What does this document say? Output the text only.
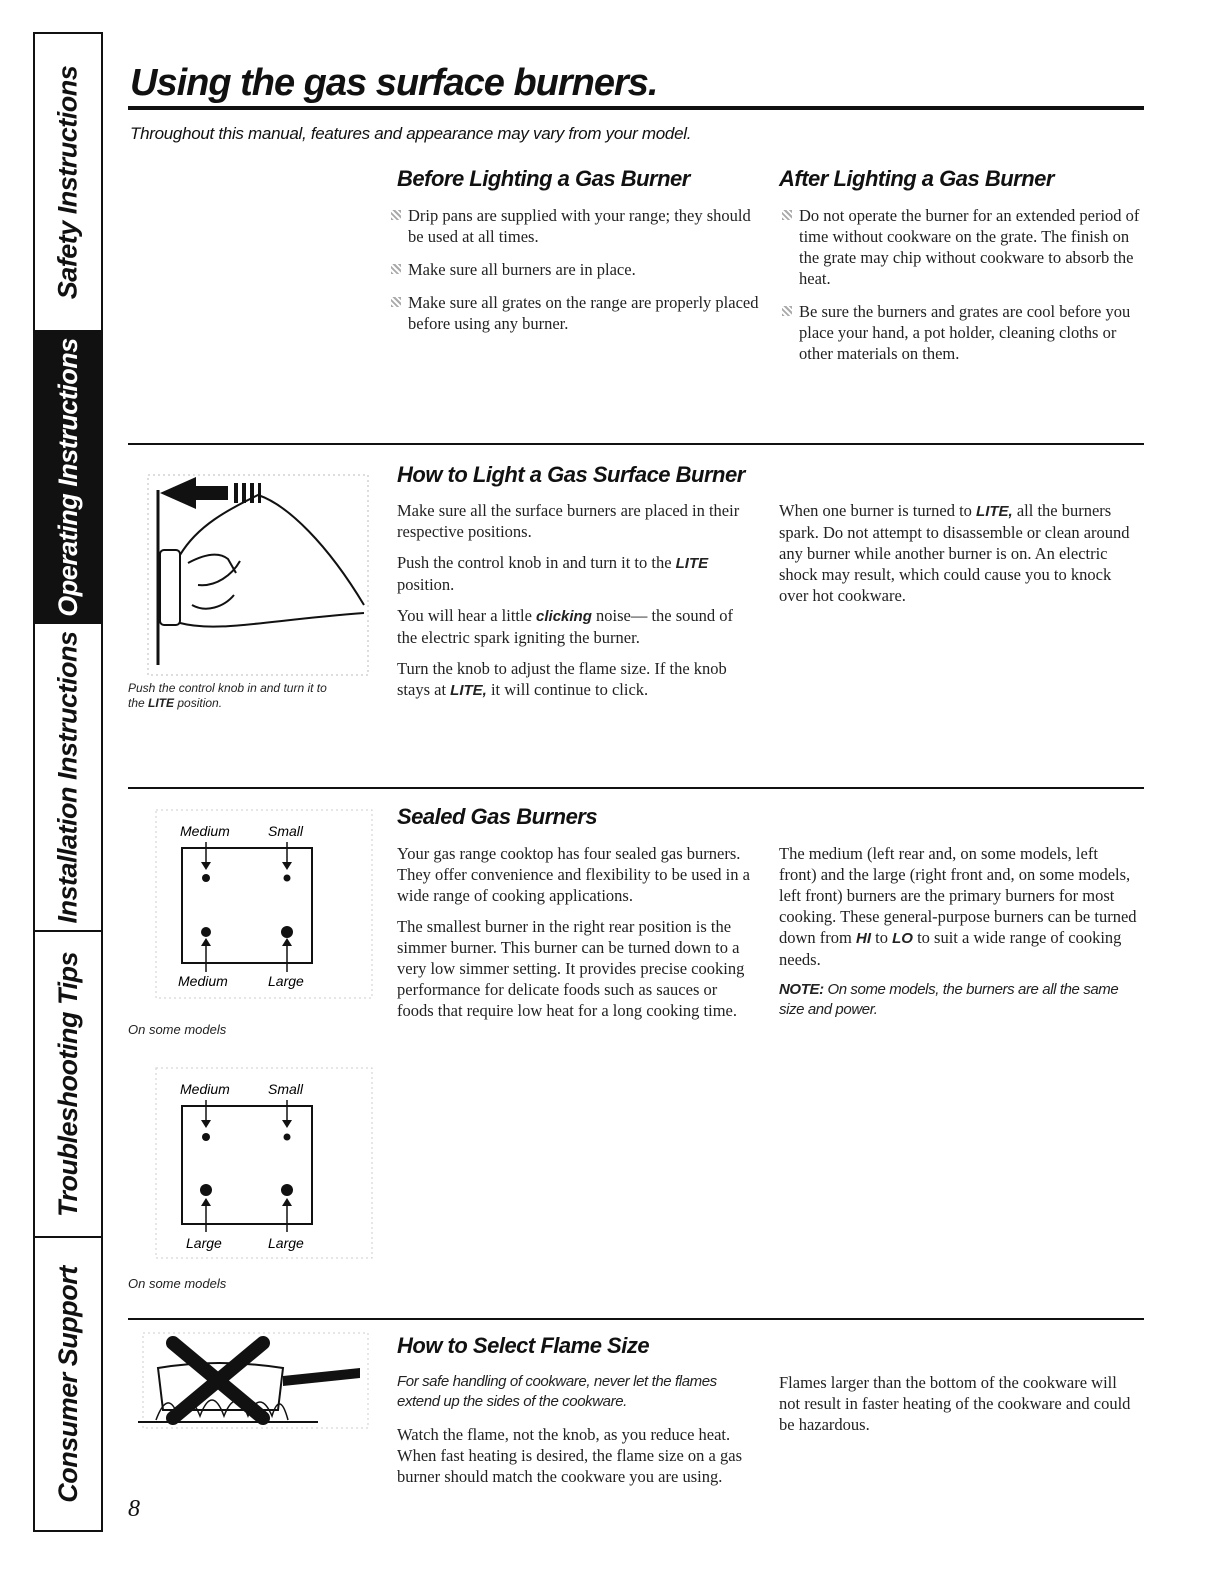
Safety Instructions
Operating Instructions
Installation Instructions
Troubleshooting Tips
Consumer Support
Using the gas surface burners.

Throughout this manual, features and appearance may vary from your model.

Before Lighting a Gas Burner
Drip pans are supplied with your range; they should be used at all times.
Make sure all burners are in place.
Make sure all grates on the range are properly placed before using any burner.
After Lighting a Gas Burner
Do not operate the burner for an extended period of time without cookware on the grate. The finish on the grate may chip without cookware to absorb the heat.
Be sure the burners and grates are cool before you place your hand, a pot holder, cleaning cloths or other materials on them.

Push the control knob in and turn it to the LITE position.

How to Light a Gas Surface Burner

Make sure all the surface burners are placed in their respective positions.

Push the control knob in and turn it to the LITE position.

You will hear a little clicking noise— the sound of the electric spark igniting the burner.

Turn the knob to adjust the flame size. If the knob stays at LITE, it will continue to click.

When one burner is turned to LITE, all the burners spark. Do not attempt to disassemble or clean around any burner while another burner is on. An electric shock may result, which could cause you to knock over hot cookware.

Medium	Small
Medium	Large

On some models

Medium	Small
Large	Large

On some models

Sealed Gas Burners

Your gas range cooktop has four sealed gas burners. They offer convenience and flexibility to be used in a wide range of cooking applications.

The smallest burner in the right rear position is the simmer burner. This burner can be turned down to a very low simmer setting. It provides precise cooking performance for delicate foods such as sauces or foods that require low heat for a long cooking time.

The medium (left rear and, on some models, left front) and the large (right front and, on some models, left front) burners are the primary burners for most cooking. These general-purpose burners can be turned down from HI to LO to suit a wide range of cooking needs.

NOTE: On some models, the burners are all the same size and power.

How to Select Flame Size

For safe handling of cookware, never let the flames extend up the sides of the cookware.

Watch the flame, not the knob, as you reduce heat. When fast heating is desired, the flame size on a gas burner should match the cookware you are using.

Flames larger than the bottom of the cookware will not result in faster heating of the cookware and could be hazardous.

8
